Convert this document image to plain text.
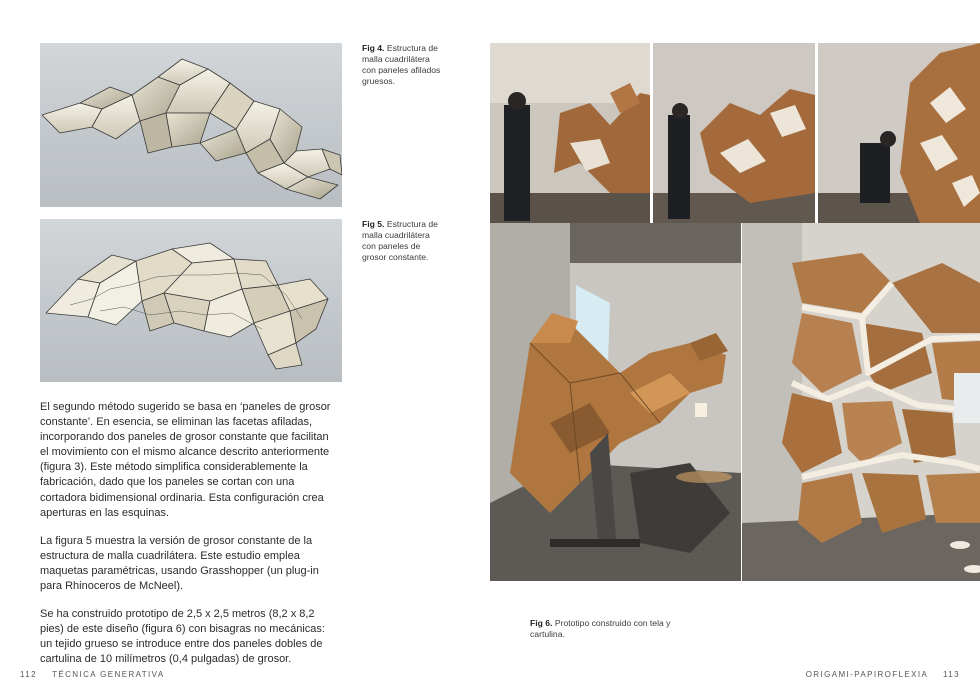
Fig 4. Estructura de malla cuadrilátera con paneles afilados gruesos.
Fig 5. Estructura de malla cuadrilátera con paneles de grosor constante.

El segundo método sugerido se basa en ‘paneles de grosor constante’. En esencia, se eliminan las facetas afiladas, incorporando dos paneles de grosor constante que facilitan el movimiento con el mismo alcance descrito anteriormente (figura 3). Este método simplifica considerablemente la fabricación, dado que los paneles se cortan con una cortadora bidimensional ordinaria. Esta configuración crea aperturas en las esquinas.

La figura 5 muestra la versión de grosor constante de la estructura de malla cuadrilátera. Este estudio emplea maquetas paramétricas, usando Grasshopper (un plug-in para Rhinoceros de McNeel).

Se ha construido prototipo de 2,5 x 2,5 metros (8,2 x 8,2 pies) de este diseño (figura 6) con bisagras no mecánicas: un tejido grueso se introduce entre dos paneles dobles de cartulina de 10 milímetros (0,4 pulgadas) de grosor.

112 TÉCNICA GENERATIVA
Fig 6. Prototipo construido con tela y cartulina.
ORIGAMI-PAPIROFLEXIA 113
